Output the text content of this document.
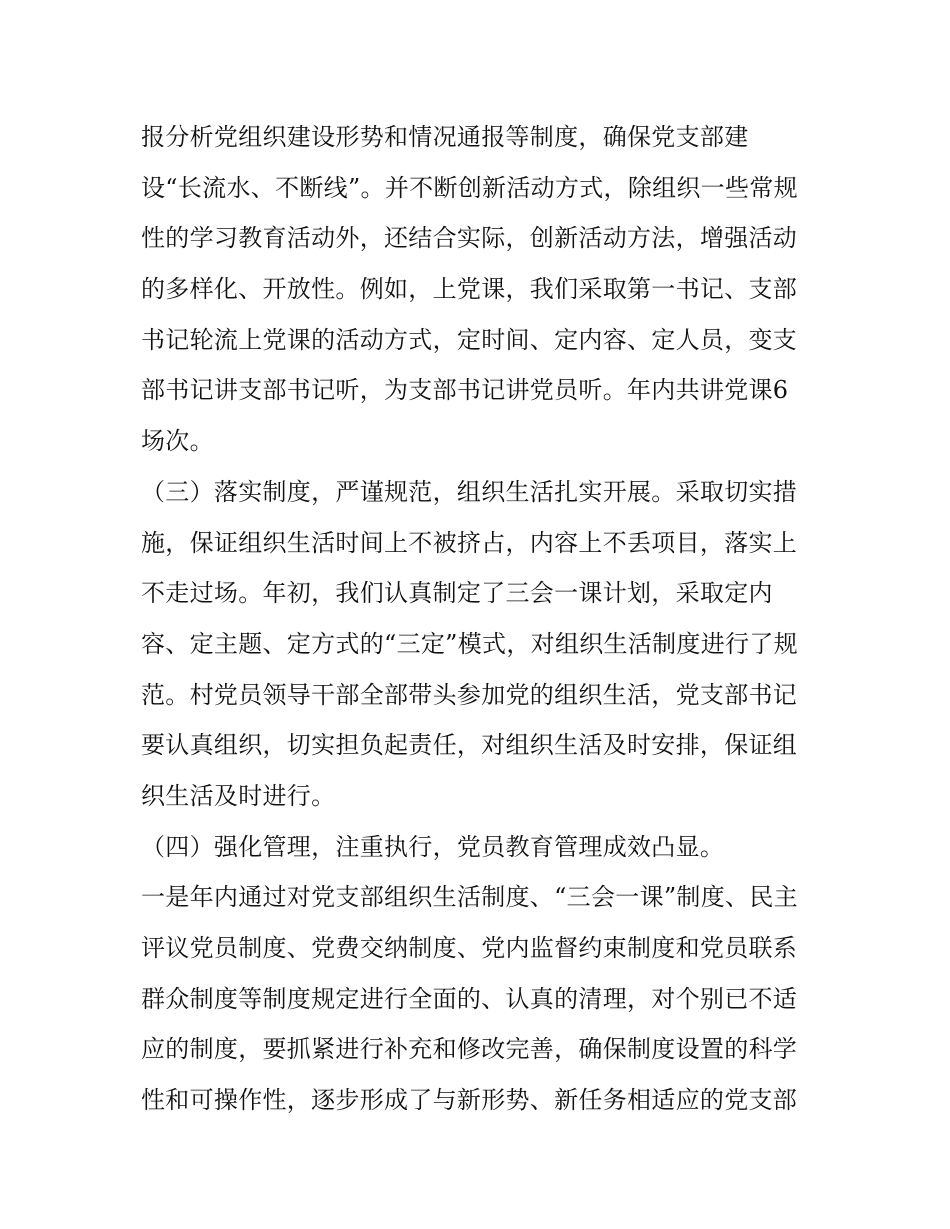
报分析党组织建设形势和情况通报等制度，确保党支部建
设“长流水、不断线”。并不断创新活动方式，除组织一些常规
性的学习教育活动外，还结合实际，创新活动方法，增强活动
的多样化、开放性。例如，上党课，我们采取第一书记、支部
书记轮流上党课的活动方式，定时间、定内容、定人员，变支
部书记讲支部书记听，为支部书记讲党员听。年内共讲党课6
场次。
（三）落实制度，严谨规范，组织生活扎实开展。采取切实措
施，保证组织生活时间上不被挤占，内容上不丢项目，落实上
不走过场。年初，我们认真制定了三会一课计划，采取定内
容、定主题、定方式的“三定”模式，对组织生活制度进行了规
范。村党员领导干部全部带头参加党的组织生活，党支部书记
要认真组织，切实担负起责任，对组织生活及时安排，保证组
织生活及时进行。
（四）强化管理，注重执行，党员教育管理成效凸显。
一是年内通过对党支部组织生活制度、“三会一课”制度、民主
评议党员制度、党费交纳制度、党内监督约束制度和党员联系
群众制度等制度规定进行全面的、认真的清理，对个别已不适
应的制度，要抓紧进行补充和修改完善，确保制度设置的科学
性和可操作性，逐步形成了与新形势、新任务相适应的党支部
